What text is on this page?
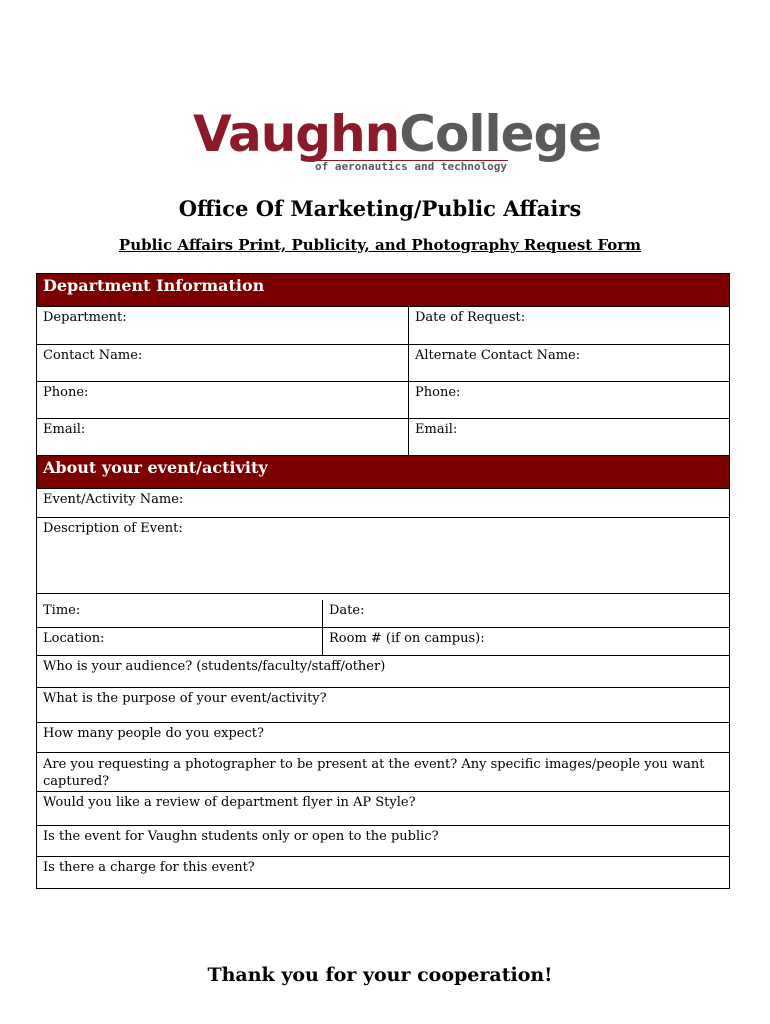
VaughnCollege
of aeronautics and technology
Office Of Marketing/Public Affairs
Public Affairs Print, Publicity, and Photography Request Form
Department Information
Department:	Date of Request:
Contact Name:	Alternate Contact Name:
Phone:	Phone:
Email:	Email:
About your event/activity
Event/Activity Name:
Description of Event:
Time:	Date:
Location:	Room # (if on campus):
Who is your audience? (students/faculty/staff/other)
What is the purpose of your event/activity?
How many people do you expect?
Are you requesting a photographer to be present at the event? Any specific images/people you want captured?
Would you like a review of department flyer in AP Style?
Is the event for Vaughn students only or open to the public?
Is there a charge for this event?
Thank you for your cooperation!
